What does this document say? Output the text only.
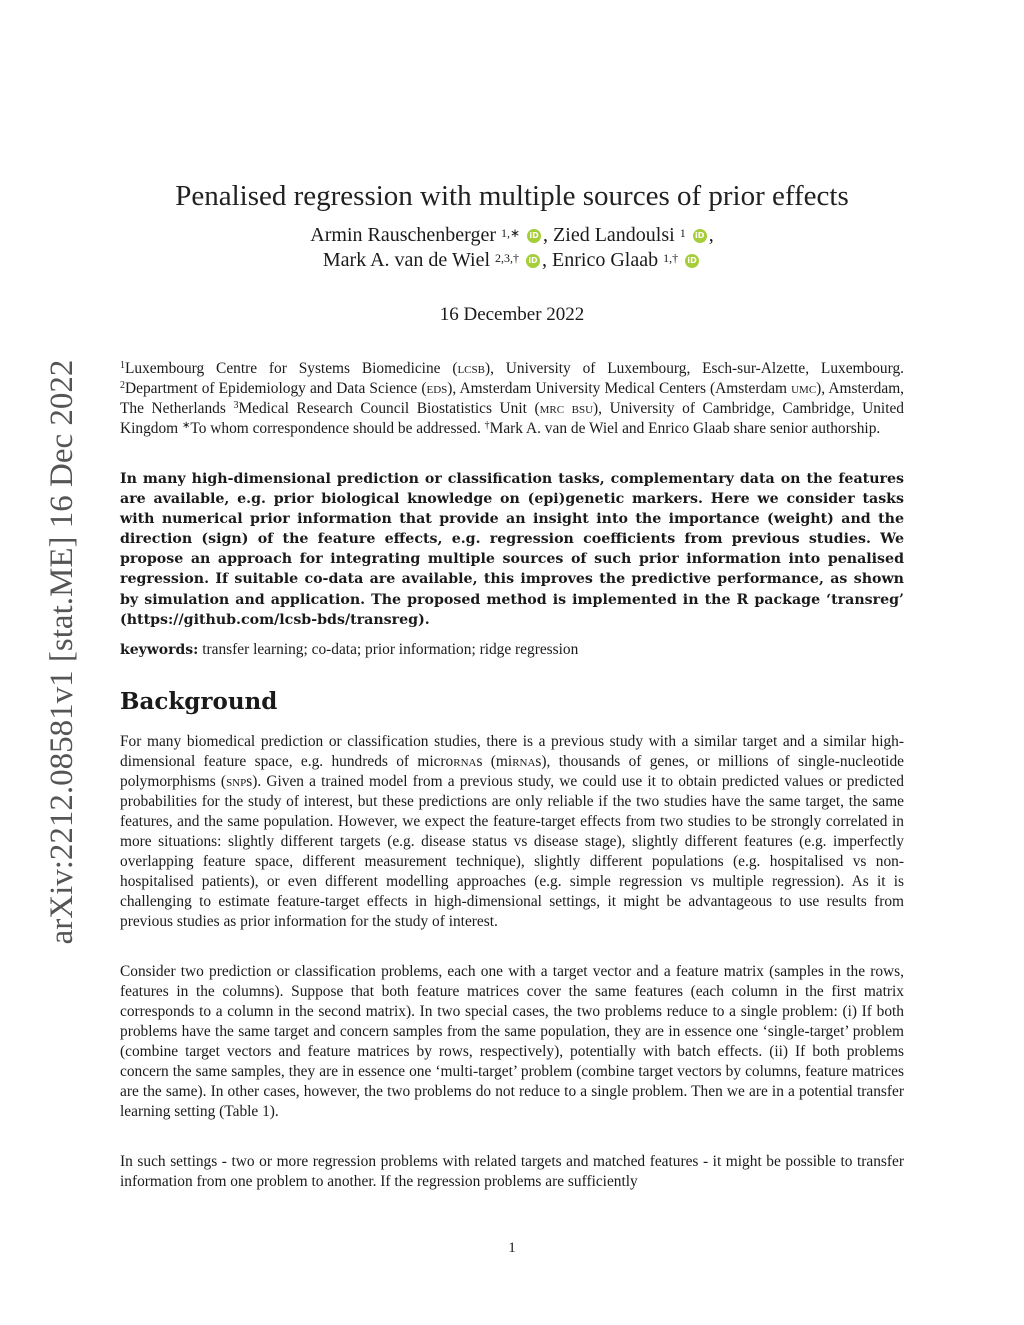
arXiv:2212.08581v1 [stat.ME] 16 Dec 2022
Penalised regression with multiple sources of prior effects
Armin Rauschenberger $^{1,∗}$ iD , Zied Landoulsi $^1$ iD ,
Mark A. van de Wiel $^{2,3,\dagger}$ iD , Enrico Glaab $^{1,\dagger}$ iD
16 December 2022
$^1$Luxembourg Centre for Systems Biomedicine (lcsb), University of Luxembourg, Esch-sur-Alzette, Luxembourg. $^2$Department of Epidemiology and Data Science (eds), Amsterdam University Medical Centers (Amsterdam umc), Amsterdam, The Netherlands $^3$Medical Research Council Biostatistics Unit (mrc bsu), University of Cambridge, Cambridge, United Kingdom ∗To whom correspondence should be addressed. †Mark A. van de Wiel and Enrico Glaab share senior authorship.
In many high-dimensional prediction or classification tasks, complementary data on the features are available, e.g. prior biological knowledge on (epi)genetic markers. Here we consider tasks with numerical prior information that provide an insight into the importance (weight) and the direction (sign) of the feature effects, e.g. regression coefficients from previous studies. We propose an approach for integrating multiple sources of such prior information into penalised regression. If suitable co-data are available, this improves the predictive performance, as shown by simulation and application. The proposed method is implemented in the R package ‘transreg’ (https://github.com/lcsb-bds/transreg).
keywords: transfer learning; co-data; prior information; ridge regression
Background
For many biomedical prediction or classification studies, there is a previous study with a similar target and a similar high-dimensional feature space, e.g. hundreds of micrornas (mirnas), thousands of genes, or millions of single-nucleotide polymorphisms (snps). Given a trained model from a previous study, we could use it to obtain predicted values or predicted probabilities for the study of interest, but these predictions are only reliable if the two studies have the same target, the same features, and the same population. However, we expect the feature-target effects from two studies to be strongly correlated in more situations: slightly different targets (e.g. disease status vs disease stage), slightly different features (e.g. imperfectly overlapping feature space, different measurement technique), slightly different populations (e.g. hospitalised vs non-hospitalised patients), or even different modelling approaches (e.g. simple regression vs multiple regression). As it is challenging to estimate feature-target effects in high-dimensional settings, it might be advantageous to use results from previous studies as prior information for the study of interest.
Consider two prediction or classification problems, each one with a target vector and a feature matrix (samples in the rows, features in the columns). Suppose that both feature matrices cover the same features (each column in the first matrix corresponds to a column in the second matrix). In two special cases, the two problems reduce to a single problem: (i) If both problems have the same target and concern samples from the same population, they are in essence one ‘single-target’ problem (combine target vectors and feature matrices by rows, respectively), potentially with batch effects. (ii) If both problems concern the same samples, they are in essence one ‘multi-target’ problem (combine target vectors by columns, feature matrices are the same). In other cases, however, the two problems do not reduce to a single problem. Then we are in a potential transfer learning setting (Table 1).
In such settings - two or more regression problems with related targets and matched features - it might be possible to transfer information from one problem to another. If the regression problems are sufficiently
1
